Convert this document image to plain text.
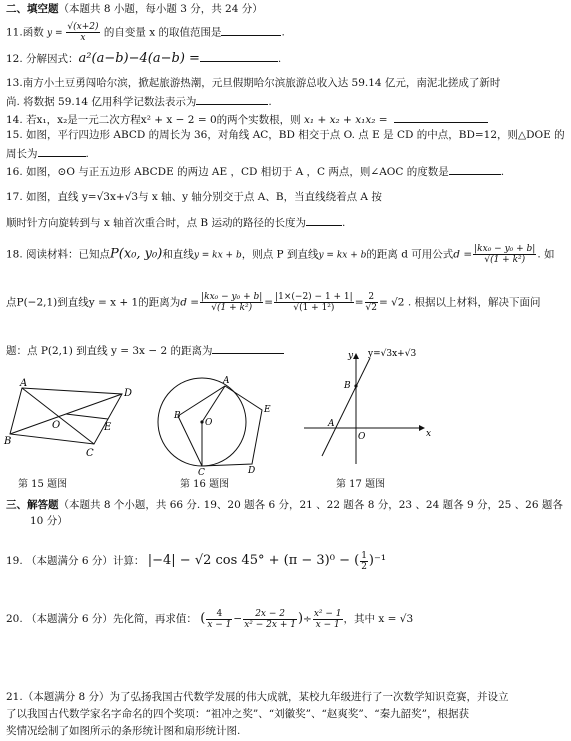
二、填空题（本题共 8 小题，每小题 3 分，共 24 分）
11.函数 $y = \frac{√(x+2)}{x}$ 的自变量 x 的取值范围是	.
12. 分解因式：a²(a−b)−4(a−b) =	.
13.南方小土豆勇闯哈尔滨，掀起旅游热潮，元旦假期哈尔滨旅游总收入达 59.14 亿元，南泥北搓成了新时
尚. 将数据 59.14 亿用科学记数法表示为	.
14. 若x₁，x₂是一元二次方程x² + x − 2 = 0的两个实数根，则 x₁ + x₂ + x₁x₂ =
15. 如图，平行四边形 ABCD 的周长为 36，对角线 AC，BD 相交于点 O. 点 E 是 CD 的中点，BD=12，则△DOE 的
周长为	.
16. 如图，⊙O 与正五边形 ABCDE 的两边 AE ，CD 相切于 A ，C 两点，则∠AOC 的度数是	.
17. 如图，直线 y=√3x+√3与 x 轴、y 轴分别交于点 A、B，当直线绕着点 A 按
顺时针方向旋转到与 x 轴首次重合时，点 B 运动的路径的长度为	.
18. 阅读材料：已知点P(x₀, y₀)和直线y = kx + b，则点 P 到直线y = kx + b的距离 d 可用公式$d = \frac{\text{|kx₀ − y₀ + b|}}{\text{√(1 + k²)}}$ . 如
点P(−2,1)到直线y = x + 1的距离为$d = \frac{\text{|kx₀ − y₀ + b|}}{\text{√(1 + k²)}} = \frac{|1\times(-2) - 1 + 1|}{\text{√(1 + 1²)}} = \frac{2}{√2} = √2$ . 根据以上材料，解决下面问
题：点 P(2,1) 到直线 y = 3x − 2 的距离为
A
D
O	E
B
C
第 15 题图
A
B
O
E
C	D
第 16 题图
y=√3x+√3
y
B
A
O	x
第 17 题图
三、解答题（本题共 8 个小题，共 66 分. 19、20 题各 6 分，21 、22 题各 8 分，23 、24 题各 9 分，25 、26 题各
10 分）
19. （本题满分 6 分）计算： |−4| − √2 cos 45° + (π − 3)⁰ − ( $\frac{1}{2} )^{-1}$
20. （本题满分 6 分）先化简，再求值： ( $\frac{4}{x - 1} - \frac{2x - 2}{\text{x² − 2x + 1}}$ )÷ $\frac{\text{x² − 1}}{x - 1}$ ，其中 x = √3
21.（本题满分 8 分）为了弘扬我国古代数学发展的伟大成就，某校九年级进行了一次数学知识竞赛，并设立
了以我国古代数学家名字命名的四个奖项：“祖冲之奖”、“刘徽奖”、“赵爽奖”、“秦九韶奖”，根据获
奖情况绘制了如图所示的条形统计图和扇形统计图.
